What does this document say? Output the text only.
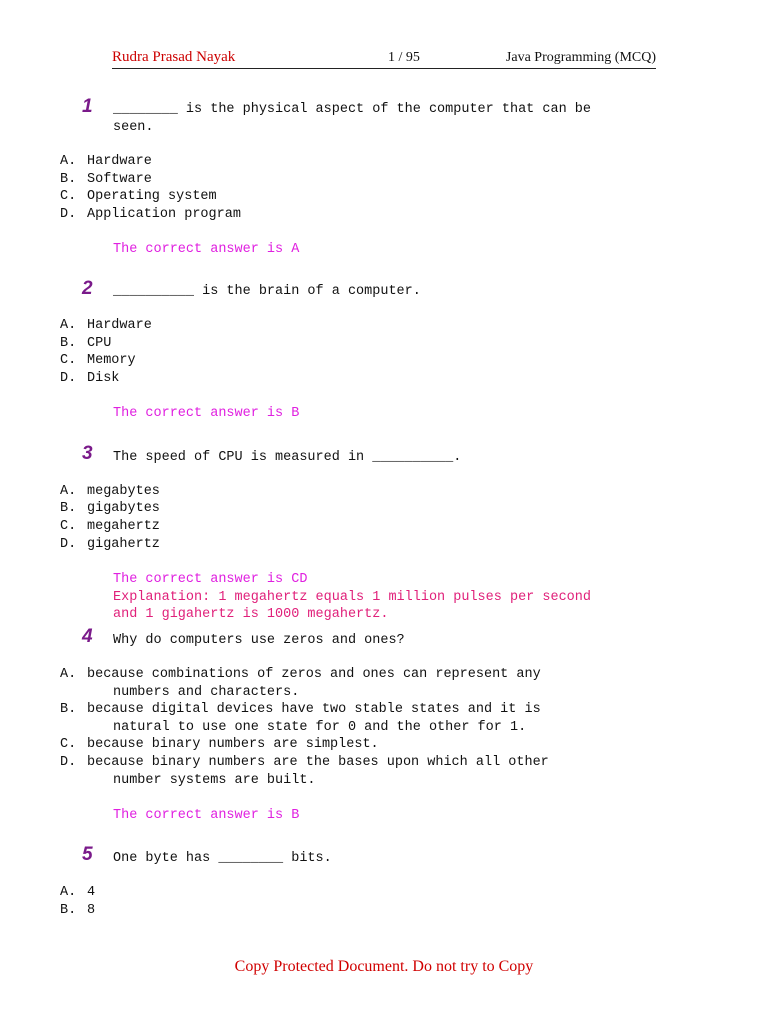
Rudra Prasad Nayak	1 / 95	Java Programming (MCQ)
1 ________ is the physical aspect of the computer that can be
seen.
A. Hardware
B. Software
C. Operating system
D. Application program
The correct answer is A
2 __________ is the brain of a computer.
A. Hardware
B. CPU
C. Memory
D. Disk
The correct answer is B
3 The speed of CPU is measured in __________.
A. megabytes
B. gigabytes
C. megahertz
D. gigahertz
The correct answer is CD
Explanation: 1 megahertz equals 1 million pulses per second
and 1 gigahertz is 1000 megahertz.
4 Why do computers use zeros and ones?
A. because combinations of zeros and ones can represent any
numbers and characters.
B. because digital devices have two stable states and it is
natural to use one state for 0 and the other for 1.
C. because binary numbers are simplest.
D. because binary numbers are the bases upon which all other
number systems are built.
The correct answer is B
5 One byte has ________ bits.
A. 4
B. 8
Copy Protected Document. Do not try to Copy
